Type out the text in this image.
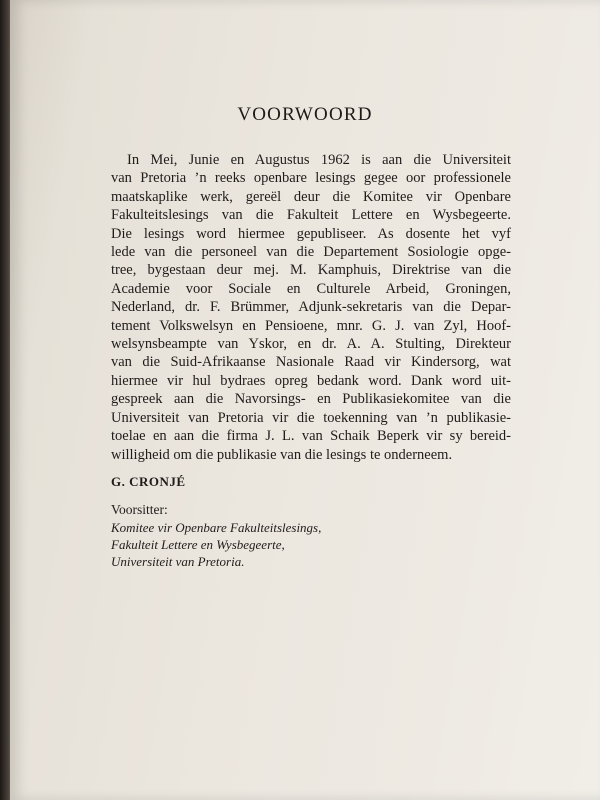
VOORWOORD
In Mei, Junie en Augustus 1962 is aan die Universiteit
van Pretoria ’n reeks openbare lesings gegee oor professionele
maatskaplike werk, gereël deur die Komitee vir Openbare
Fakulteitslesings van die Fakulteit Lettere en Wysbegeerte.
Die lesings word hiermee gepubliseer. As dosente het vyf
lede van die personeel van die Departement Sosiologie opge-
tree, bygestaan deur mej. M. Kamphuis, Direktrise van die
Academie voor Sociale en Culturele Arbeid, Groningen,
Nederland, dr. F. Brümmer, Adjunk-sekretaris van die Depar-
tement Volkswelsyn en Pensioene, mnr. G. J. van Zyl, Hoof-
welsynsbeampte van Yskor, en dr. A. A. Stulting, Direkteur
van die Suid-Afrikaanse Nasionale Raad vir Kindersorg, wat
hiermee vir hul bydraes opreg bedank word. Dank word uit-
gespreek aan die Navorsings- en Publikasiekomitee van die
Universiteit van Pretoria vir die toekenning van ’n publikasie-
toelae en aan die firma J. L. van Schaik Beperk vir sy bereid-
willigheid om die publikasie van die lesings te onderneem.
G. CRONJÉ
Voorsitter:
Komitee vir Openbare Fakulteitslesings,
Fakulteit Lettere en Wysbegeerte,
Universiteit van Pretoria.
